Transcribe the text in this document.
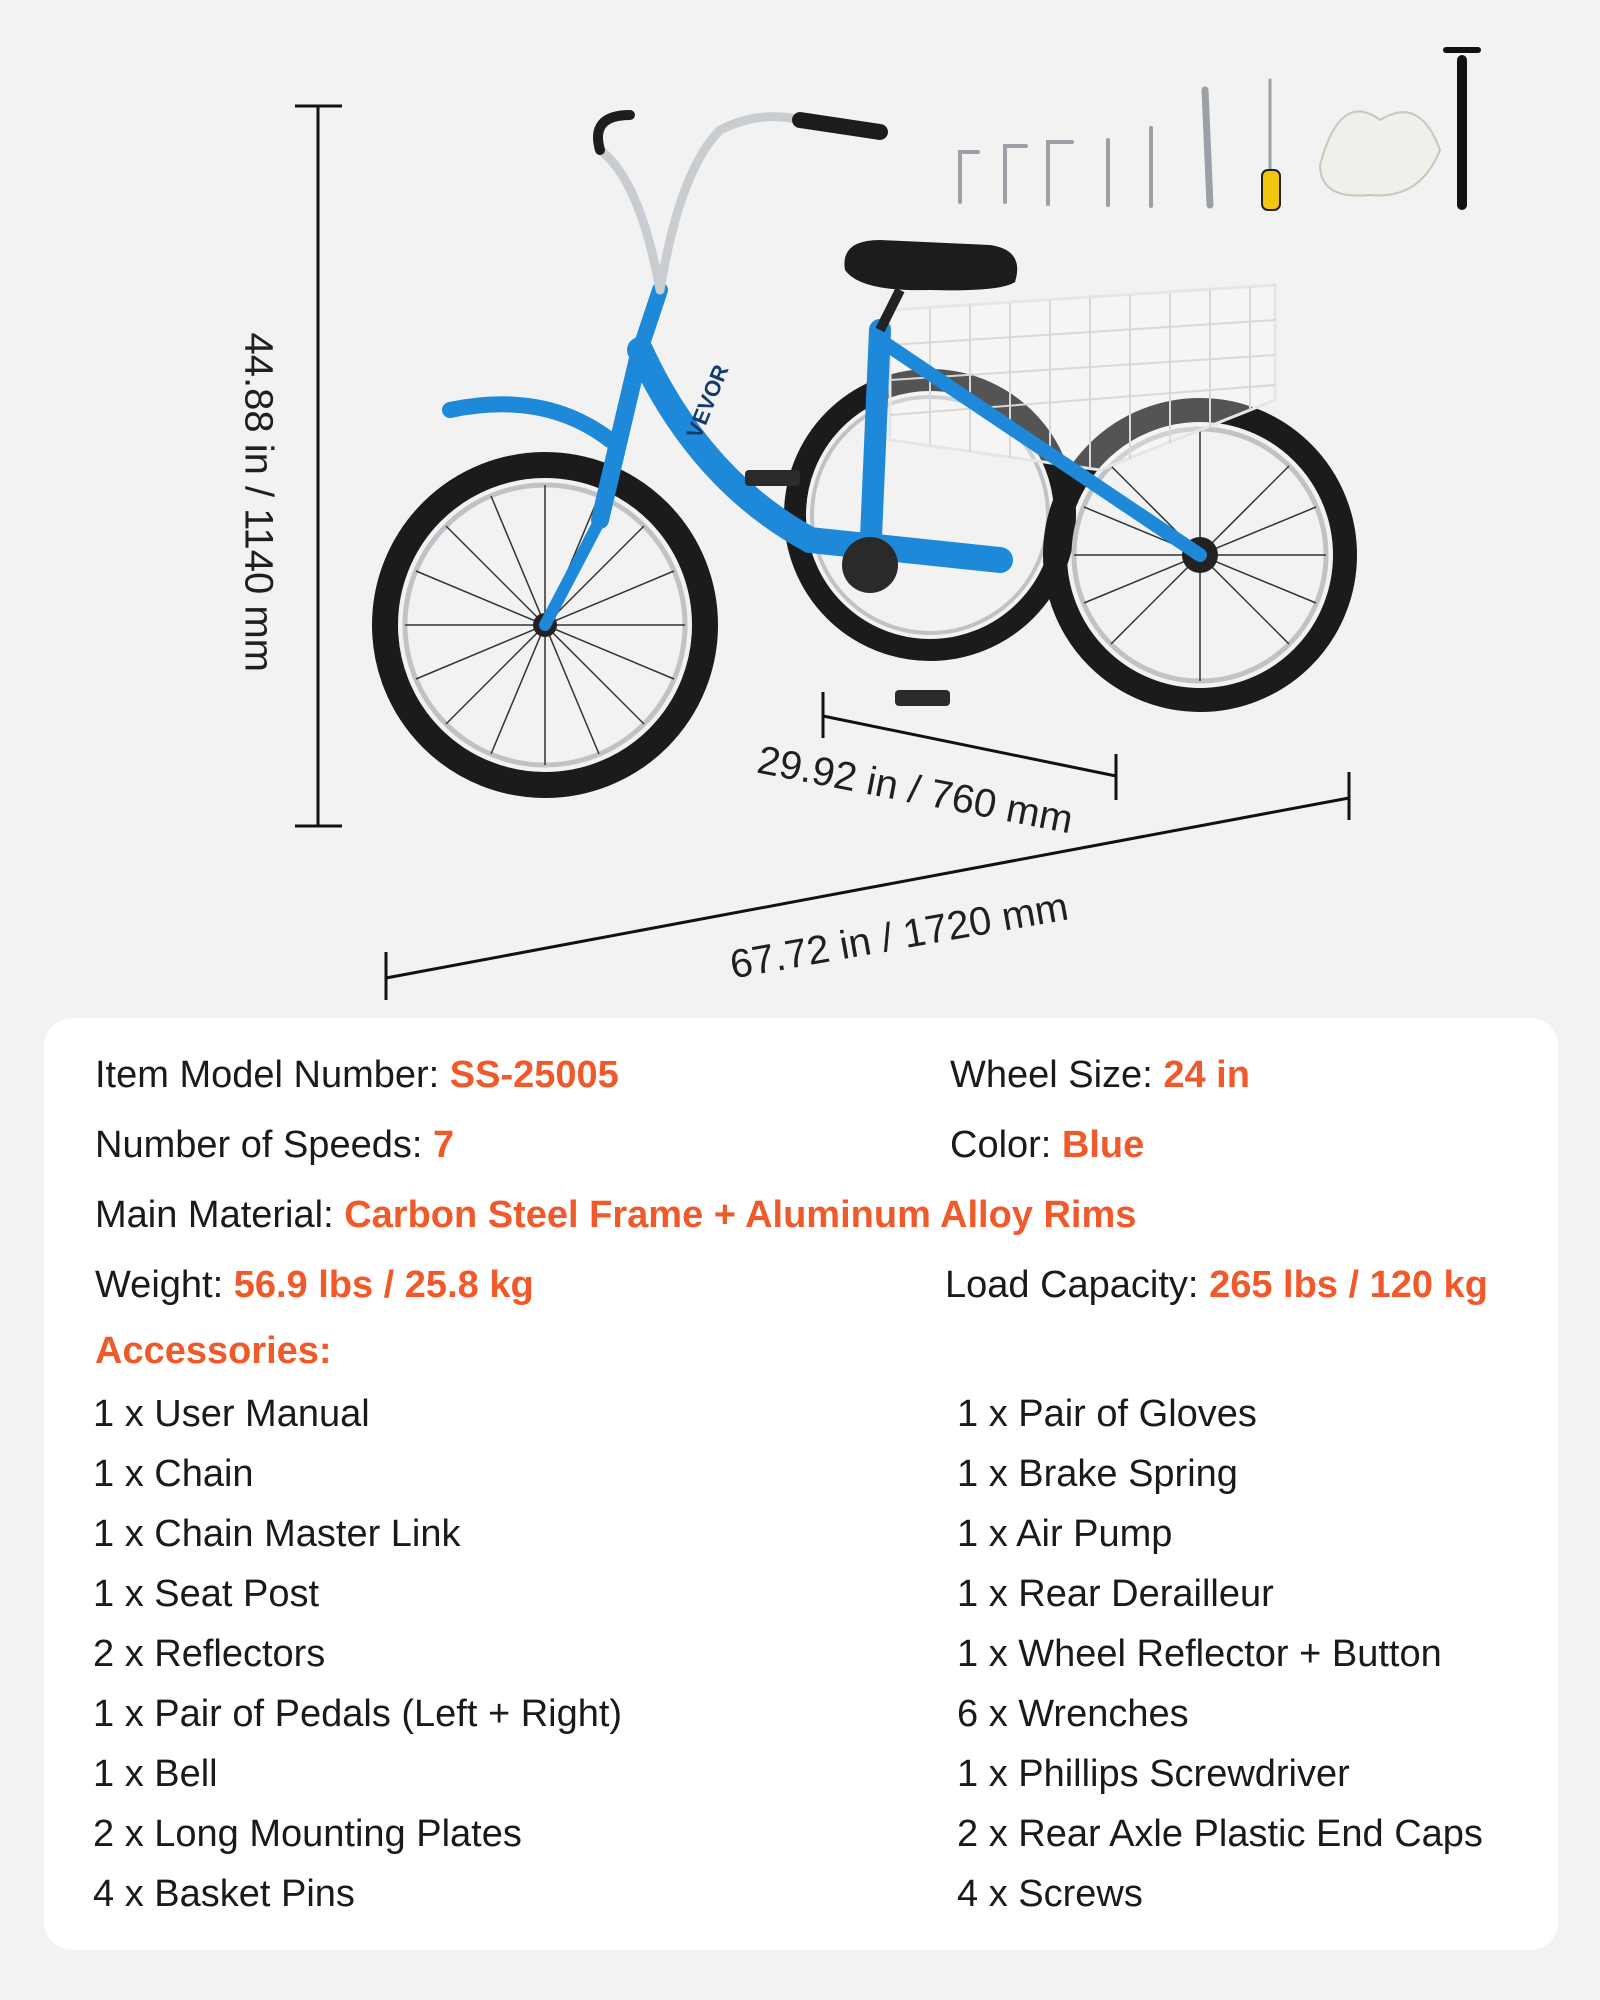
VEVOR
44.88 in / 1140 mm
29.92 in / 760 mm
67.72 in / 1720 mm
Item Model Number: SS-25005	Wheel Size: 24 in
Number of Speeds: 7	Color: Blue
Main Material: Carbon Steel Frame + Aluminum Alloy Rims
Weight: 56.9 lbs / 25.8 kg	Load Capacity: 265 lbs / 120 kg
Accessories:
1 x User Manual
1 x Chain
1 x Chain Master Link
1 x Seat Post
2 x Reflectors
1 x Pair of Pedals (Left + Right)
1 x Bell
2 x Long Mounting Plates
4 x Basket Pins
1 x Pair of Gloves
1 x Brake Spring
1 x Air Pump
1 x Rear Derailleur
1 x Wheel Reflector + Button
6 x Wrenches
1 x Phillips Screwdriver
2 x Rear Axle Plastic End Caps
4 x Screws
